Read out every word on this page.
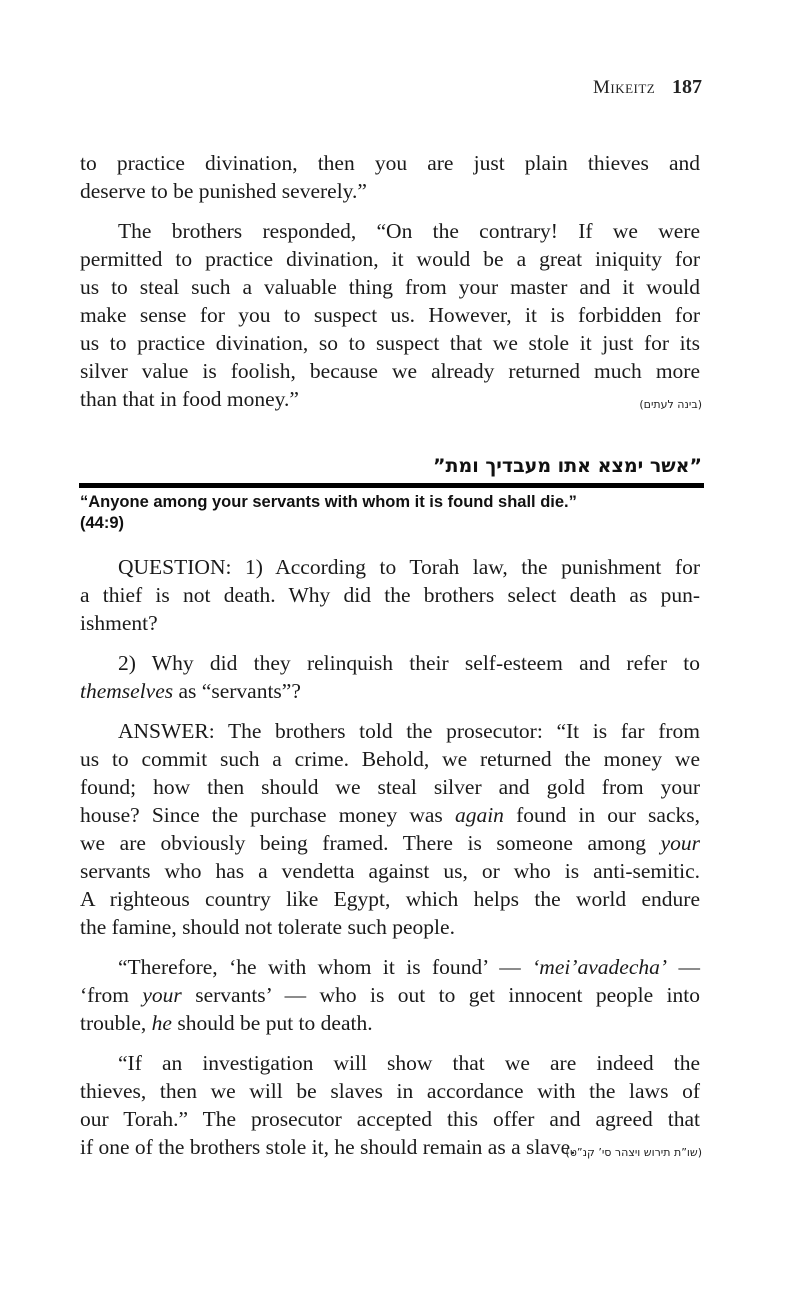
Mikeitz 187
to practice divination, then you are just plain thieves and
deserve to be punished severely.”
The brothers responded, “On the contrary! If we were
permitted to practice divination, it would be a great iniquity for
us to steal such a valuable thing from your master and it would
make sense for you to suspect us. However, it is forbidden for
us to practice divination, so to suspect that we stole it just for its
silver value is foolish, because we already returned much more
than that in food money.”	(בינה לעתים)
”אשר ימצא אתו מעבדיך ומת”
“Anyone among your servants with whom it is found shall die.”
(44:9)
QUESTION: 1) According to Torah law, the punishment for
a thief is not death. Why did the brothers select death as pun-
ishment?
2) Why did they relinquish their self-esteem and refer to
themselves as “servants”?
ANSWER: The brothers told the prosecutor: “It is far from
us to commit such a crime. Behold, we returned the money we
found; how then should we steal silver and gold from your
house? Since the purchase money was again found in our sacks,
we are obviously being framed. There is someone among your
servants who has a vendetta against us, or who is anti-semitic.
A righteous country like Egypt, which helps the world endure
the famine, should not tolerate such people.
“Therefore, ‘he with whom it is found’ — ‘mei’avadecha’ —
‘from your servants’ — who is out to get innocent people into
trouble, he should be put to death.
“If an investigation will show that we are indeed the
thieves, then we will be slaves in accordance with the laws of
our Torah.” The prosecutor accepted this offer and agreed that
if one of the brothers stole it, he should remain as a slave.
(שו”ת תירוש ויצהר סי’ קנ”ט)
